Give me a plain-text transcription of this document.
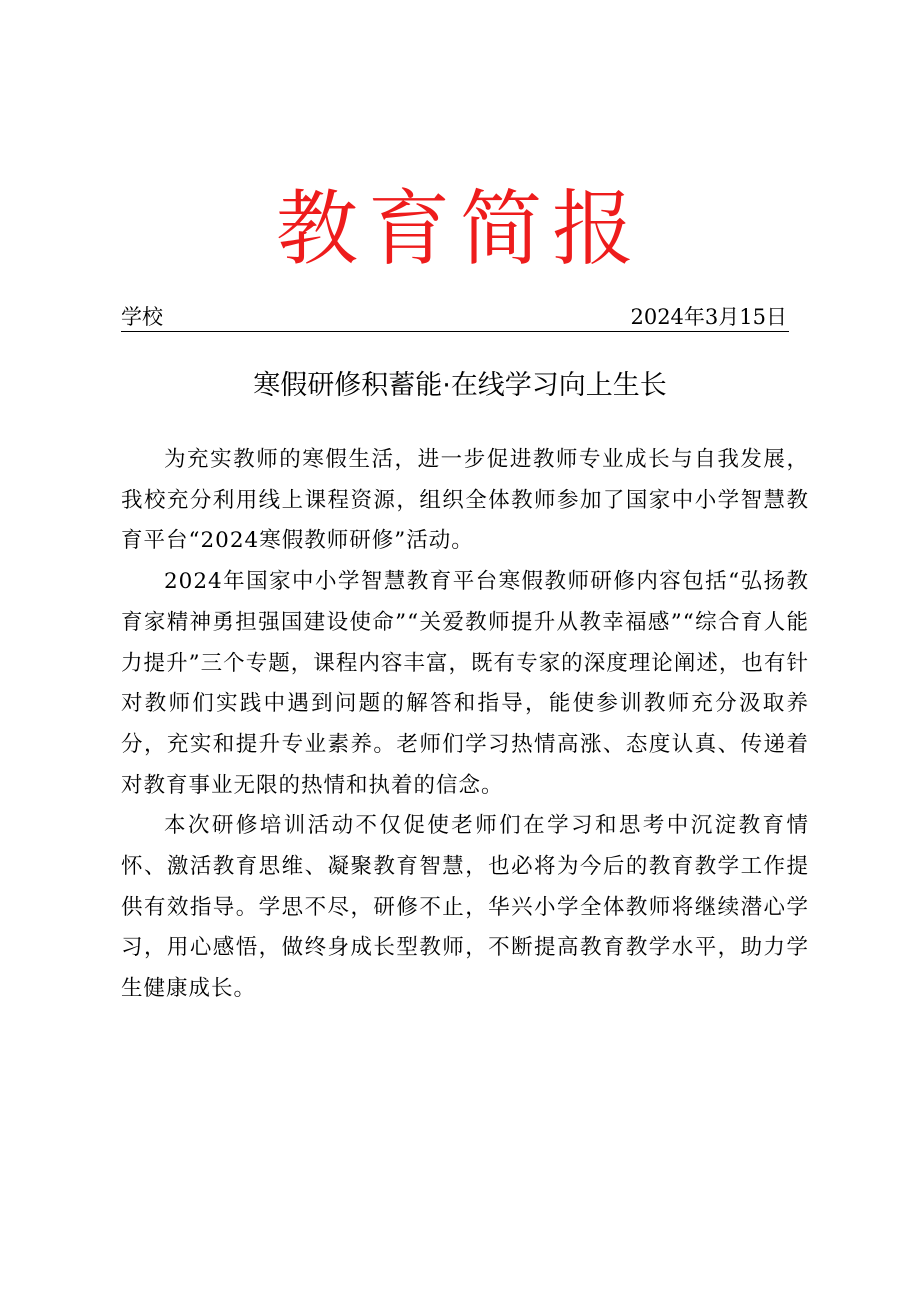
教育简报
学校	2024年3月15日
寒假研修积蓄能·在线学习向上生长

为充实教师的寒假生活，进一步促进教师专业成长与自我发展，我校充分利用线上课程资源，组织全体教师参加了国家中小学智慧教育平台“2024寒假教师研修”活动。

2024年国家中小学智慧教育平台寒假教师研修内容包括“弘扬教育家精神勇担强国建设使命”“关爱教师提升从教幸福感”“综合育人能力提升”三个专题，课程内容丰富，既有专家的深度理论阐述，也有针对教师们实践中遇到问题的解答和指导，能使参训教师充分汲取养分，充实和提升专业素养。老师们学习热情高涨、态度认真、传递着对教育事业无限的热情和执着的信念。

本次研修培训活动不仅促使老师们在学习和思考中沉淀教育情怀、激活教育思维、凝聚教育智慧，也必将为今后的教育教学工作提供有效指导。学思不尽，研修不止，华兴小学全体教师将继续潜心学习，用心感悟，做终身成长型教师，不断提高教育教学水平，助力学生健康成长。
